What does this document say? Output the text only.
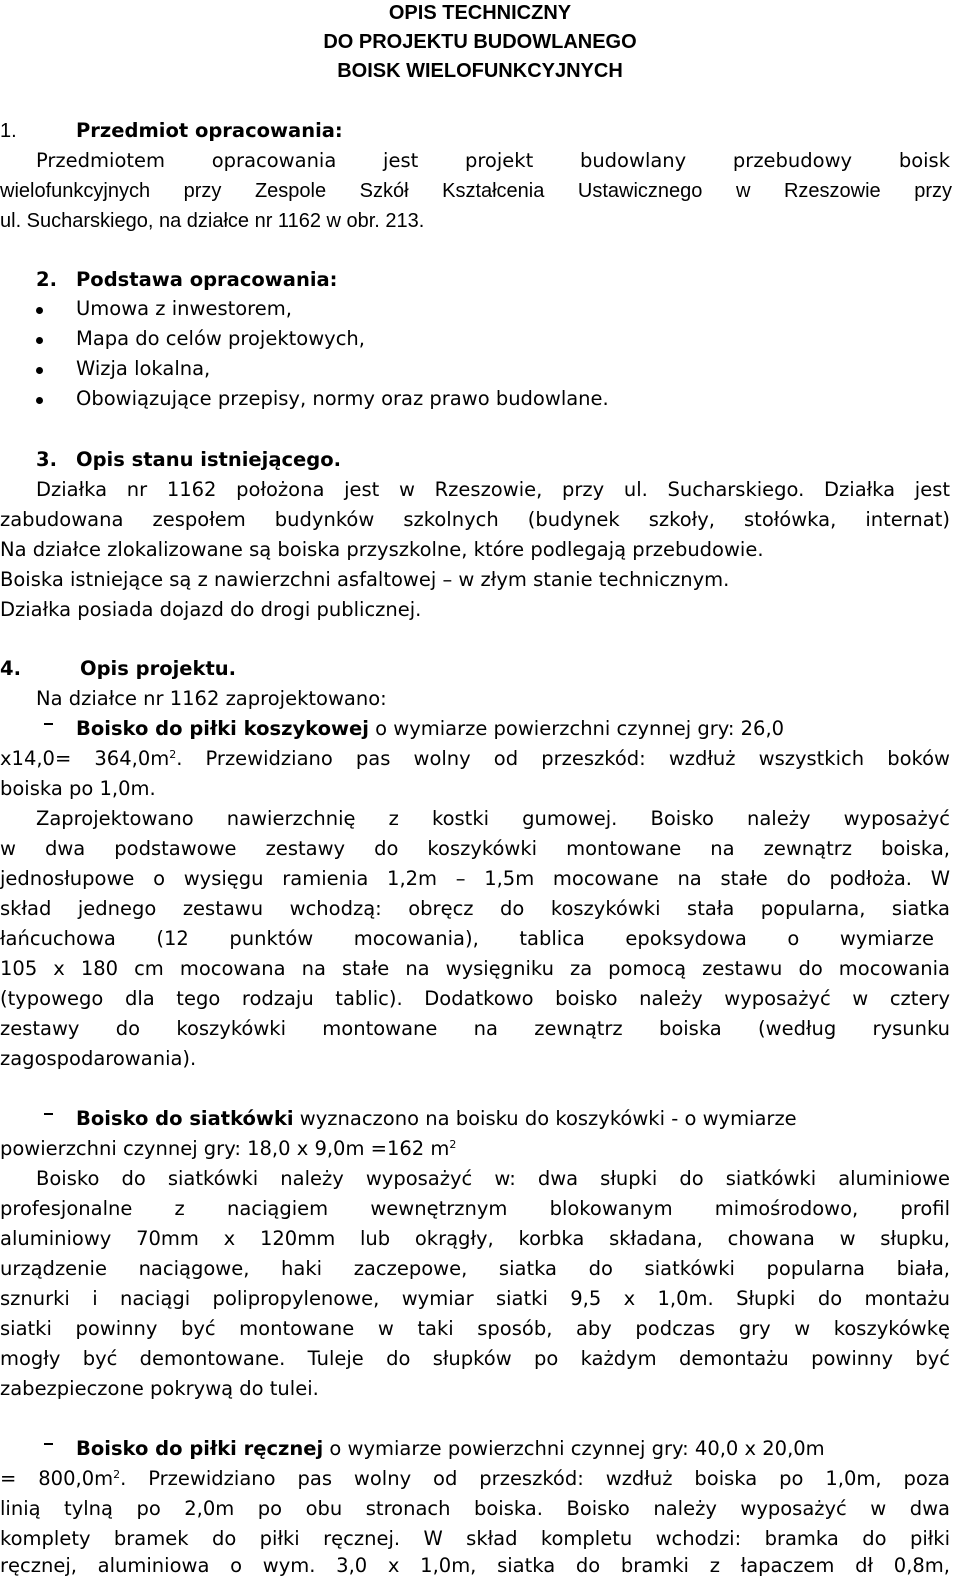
OPIS TECHNICZNY
DO PROJEKTU BUDOWLANEGO
BOISK WIELOFUNKCYJNYCH
1.	Przedmiot opracowania:
Przedmiotem opracowania jest projekt budowlany przebudowy boisk
wielofunkcyjnych przy Zespole Szkół Kształcenia Ustawicznego w Rzeszowie przy
ul. Sucharskiego, na działce nr 1162 w obr. 213.
2. Podstawa opracowania:
Umowa z inwestorem,
Mapa do celów projektowych,
Wizja lokalna,
Obowiązujące przepisy, normy oraz prawo budowlane.
3. Opis stanu istniejącego.
Działka nr 1162 położona jest w Rzeszowie, przy ul. Sucharskiego. Działka jest
zabudowana zespołem budynków szkolnych (budynek szkoły, stołówka, internat)
Na działce zlokalizowane są boiska przyszkolne, które podlegają przebudowie.
Boiska istniejące są z nawierzchni asfaltowej – w złym stanie technicznym.
Działka posiada dojazd do drogi publicznej.
4.	Opis projektu.
Na działce nr 1162 zaprojektowano:
Boisko do piłki koszykowej o wymiarze powierzchni czynnej gry: 26,0
$x14,0= 364,0m^2$. Przewidziano pas wolny od przeszkód: wzdłuż wszystkich boków
boiska po 1,0m.
Zaprojektowano nawierzchnię z kostki gumowej. Boisko należy wyposażyć
w dwa podstawowe zestawy do koszykówki montowane na zewnątrz boiska,
jednosłupowe o wysięgu ramienia 1,2m – 1,5m mocowane na stałe do podłoża. W
skład jednego zestawu wchodzą: obręcz do koszykówki stała popularna, siatka
łańcuchowa (12 punktów mocowania), tablica epoksydowa o wymiarze
105 x 180 cm mocowana na stałe na wysięgniku za pomocą zestawu do mocowania
(typowego dla tego rodzaju tablic). Dodatkowo boisko należy wyposażyć w cztery
zestawy do koszykówki montowane na zewnątrz boiska (według rysunku
zagospodarowania).
Boisko do siatkówki wyznaczono na boisku do koszykówki - o wymiarze
powierzchni czynnej gry: 18,0 x 9,0m =162 $m^2$
Boisko do siatkówki należy wyposażyć w: dwa słupki do siatkówki aluminiowe
profesjonalne z naciągiem wewnętrznym blokowanym mimośrodowo, profil
aluminiowy 70mm x 120mm lub okrągły, korbka składana, chowana w słupku,
urządzenie naciągowe, haki zaczepowe, siatka do siatkówki popularna biała,
sznurki i naciągi polipropylenowe, wymiar siatki 9,5 x 1,0m. Słupki do montażu
siatki powinny być montowane w taki sposób, aby podczas gry w koszykówkę
mogły być demontowane. Tuleje do słupków po każdym demontażu powinny być
zabezpieczone pokrywą do tulei.
Boisko do piłki ręcznej o wymiarze powierzchni czynnej gry: 40,0 x 20,0m
= $800,0m^2$. Przewidziano pas wolny od przeszkód: wzdłuż boiska po 1,0m, poza
linią tylną po 2,0m po obu stronach boiska. Boisko należy wyposażyć w dwa
komplety bramek do piłki ręcznej. W skład kompletu wchodzi: bramka do piłki
ręcznej, aluminiowa o wym. 3,0 x 1,0m, siatka do bramki z łapaczem dł 0,8m,
